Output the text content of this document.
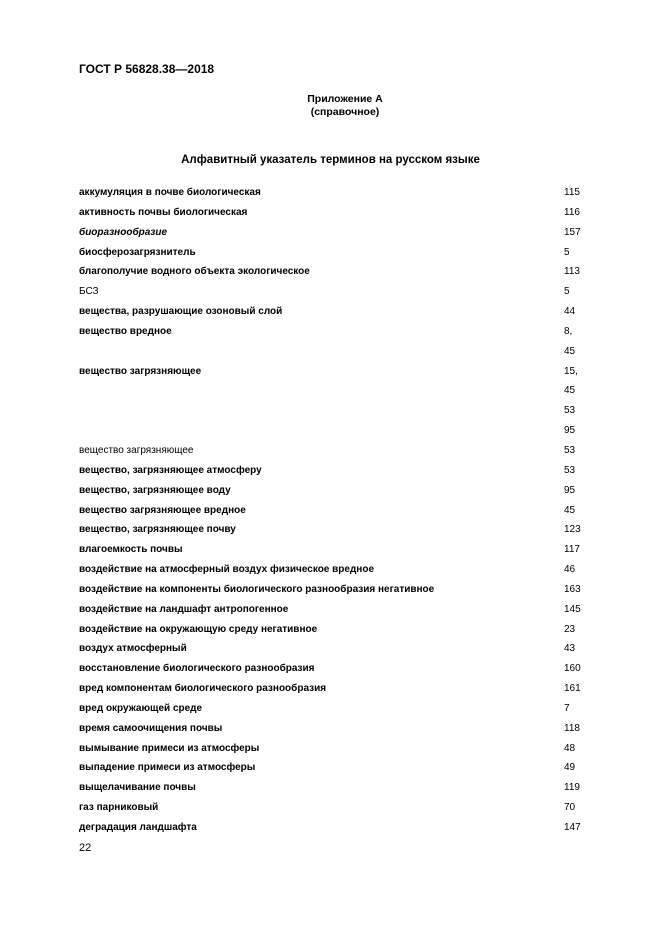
ГОСТ Р 56828.38—2018
Приложение А
(справочное)
Алфавитный указатель терминов на русском языке
аккумуляция в почве биологическая	115
активность почвы биологическая	116
биоразнообразие	157
биосферозагрязнитель	5
благополучие водного объекта экологическое	113
БСЗ	5
вещества, разрушающие озоновый слой	44
вещество вредное	8,
45
вещество загрязняющее	15,
45
53
95
вещество загрязняющее	53
вещество, загрязняющее атмосферу	53
вещество, загрязняющее воду	95
вещество загрязняющее вредное	45
вещество, загрязняющее почву	123
влагоемкость почвы	117
воздействие на атмосферный воздух физическое вредное	46
воздействие на компоненты биологического разнообразия негативное	163
воздействие на ландшафт антропогенное	145
воздействие на окружающую среду негативное	23
воздух атмосферный	43
восстановление биологического разнообразия	160
вред компонентам биологического разнообразия	161
вред окружающей среде	7
время самоочищения почвы	118
вымывание примеси из атмосферы	48
выпадение примеси из атмосферы	49
выщелачивание почвы	119
газ парниковый	70
деградация ландшафта	147
22
